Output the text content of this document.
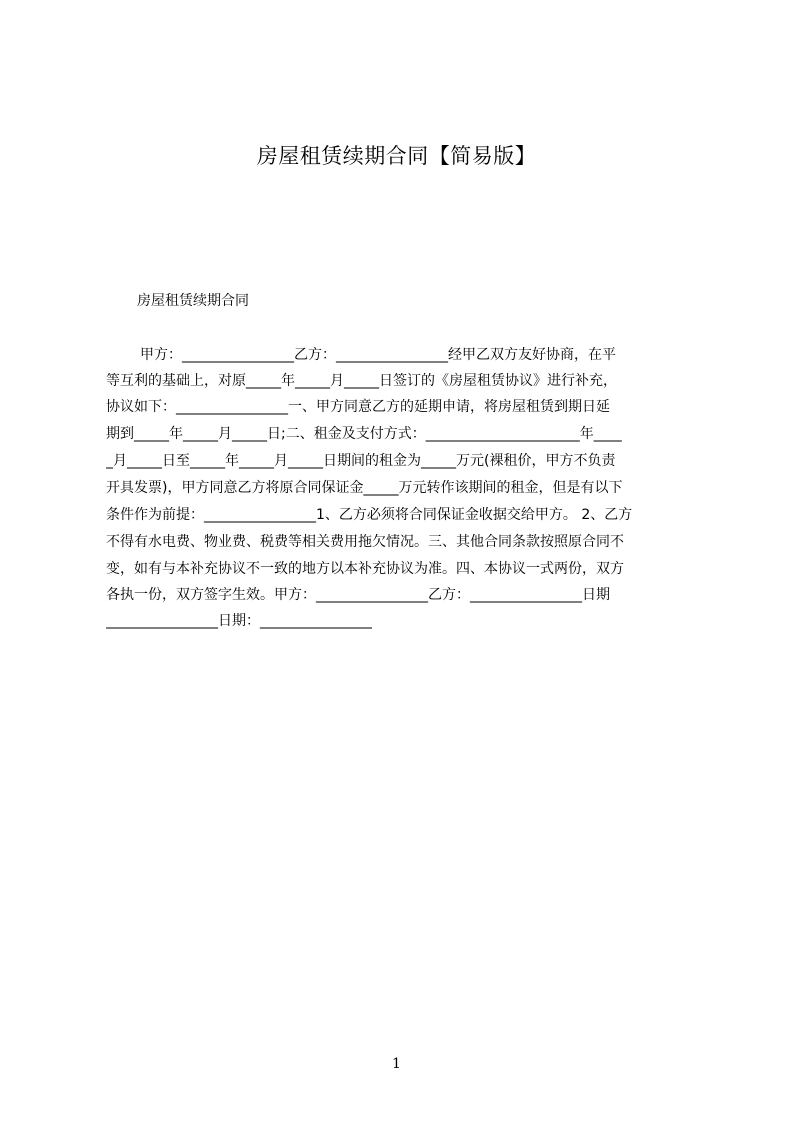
房屋租赁续期合同【简易版】
房屋租赁续期合同
甲方：________________乙方：________________经甲乙双方友好协商，在平
等互利的基础上，对原_____年_____月_____日签订的《房屋租赁协议》进行补充，
协议如下：________________一、甲方同意乙方的延期申请，将房屋租赁到期日延
期到_____年_____月_____日;二、租金及支付方式：______________________年____
_月_____日至_____年_____月_____日期间的租金为_____万元(裸租价，甲方不负责
开具发票)，甲方同意乙方将原合同保证金_____万元转作该期间的租金，但是有以下
条件作为前提：________________1、乙方必须将合同保证金收据交给甲方。 2、乙方
不得有水电费、物业费、税费等相关费用拖欠情况。三、其他合同条款按照原合同不
变，如有与本补充协议不一致的地方以本补充协议为准。四、本协议一式两份，双方
各执一份，双方签字生效。甲方：________________乙方：________________日期
________________日期：________________
1
